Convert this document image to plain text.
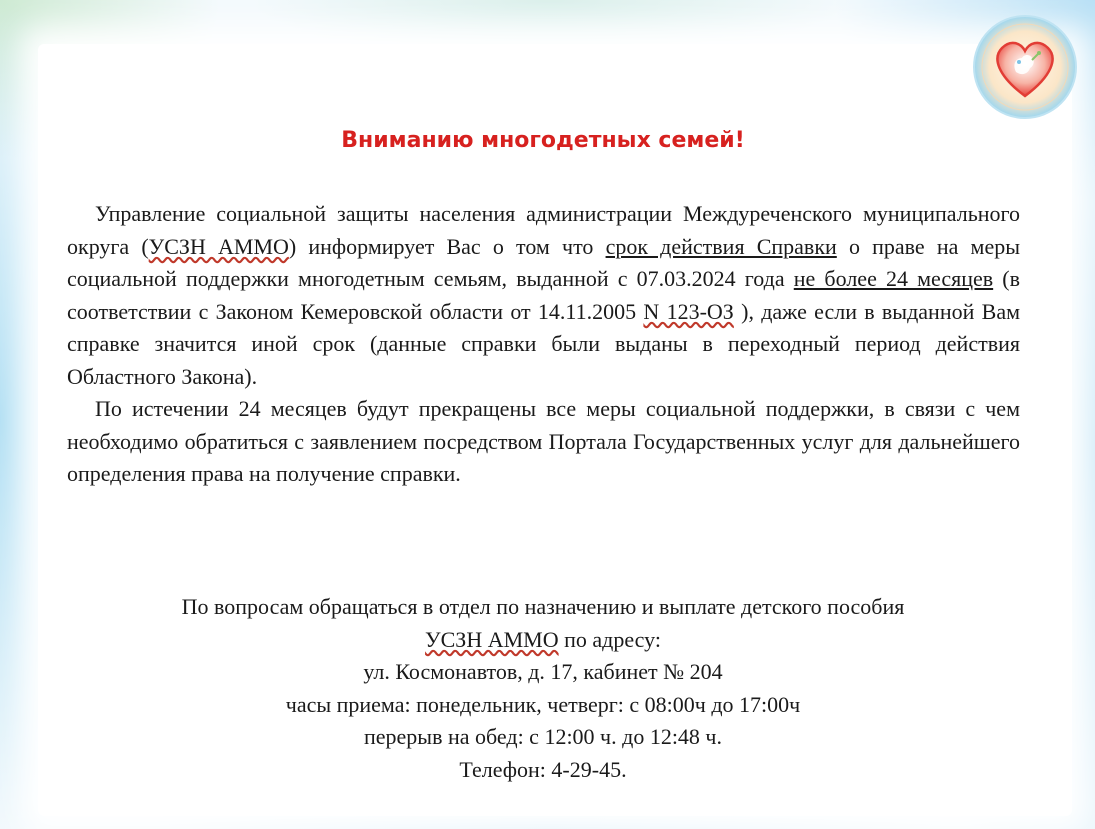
Вниманию многодетных семей!

Управление социальной защиты населения администрации Междуреченского муниципального округа (УСЗН АММО) информирует Вас о том что срок действия Справки о праве на меры социальной поддержки многодетным семьям, выданной с 07.03.2024 года не более 24 месяцев (в соответствии с Законом Кемеровской области от 14.11.2005 N 123-ОЗ ), даже если в выданной Вам справке значится иной срок (данные справки были выданы в переходный период действия Областного Закона).

По истечении 24 месяцев будут прекращены все меры социальной поддержки, в связи с чем необходимо обратиться с заявлением посредством Портала Государственных услуг для дальнейшего определения права на получение справки.

По вопросам обращаться в отдел по назначению и выплате детского пособия
УСЗН АММО по адресу:
ул. Космонавтов, д. 17, кабинет № 204
часы приема: понедельник, четверг: с 08:00ч до 17:00ч
перерыв на обед: с 12:00 ч. до 12:48 ч.
Телефон: 4-29-45.
